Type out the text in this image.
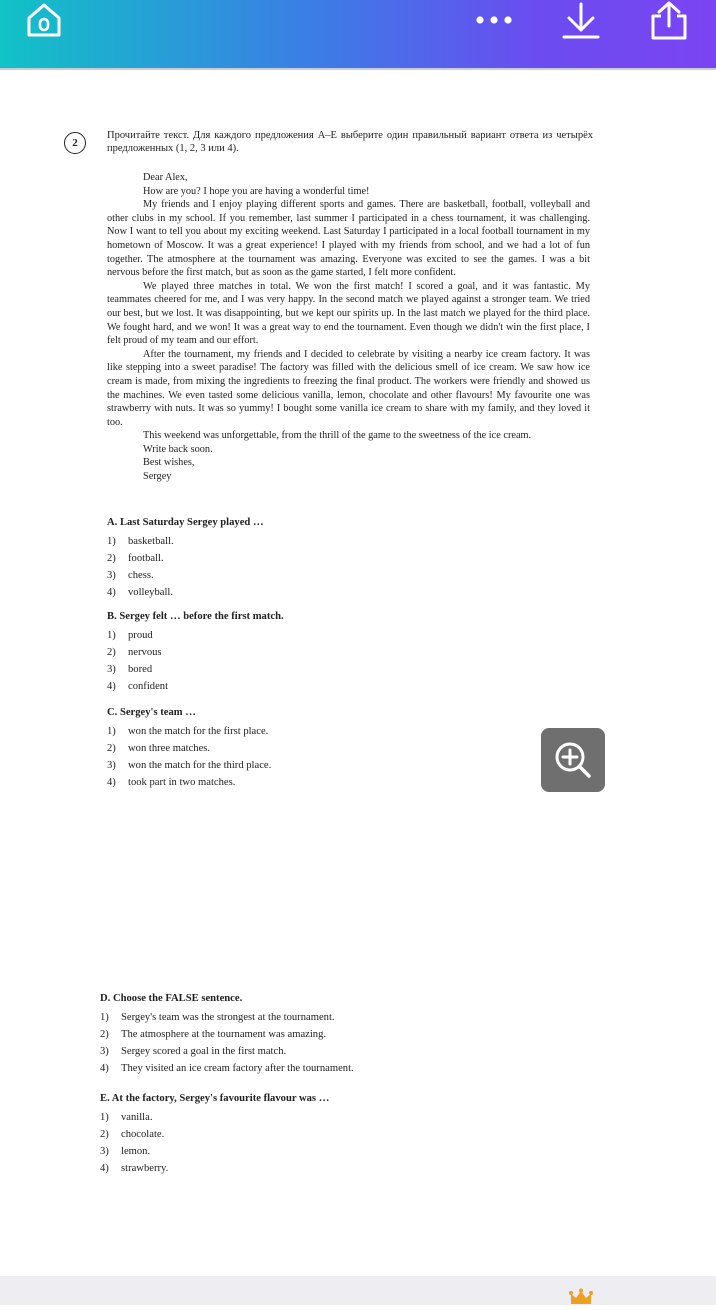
2
Прочитайте текст. Для каждого предложения A–E выберите один правильный вариант ответа из четырёх предложенных (1, 2, 3 или 4).

Dear Alex,

How are you? I hope you are having a wonderful time!

My friends and I enjoy playing different sports and games. There are basketball, football, volleyball and other clubs in my school. If you remember, last summer I participated in a chess tournament, it was challenging. Now I want to tell you about my exciting weekend. Last Saturday I participated in a local football tournament in my hometown of Moscow. It was a great experience! I played with my friends from school, and we had a lot of fun together. The atmosphere at the tournament was amazing. Everyone was excited to see the games. I was a bit nervous before the first match, but as soon as the game started, I felt more confident.

We played three matches in total. We won the first match! I scored a goal, and it was fantastic. My teammates cheered for me, and I was very happy. In the second match we played against a stronger team. We tried our best, but we lost. It was disappointing, but we kept our spirits up. In the last match we played for the third place. We fought hard, and we won! It was a great way to end the tournament. Even though we didn't win the first place, I felt proud of my team and our effort.

After the tournament, my friends and I decided to celebrate by visiting a nearby ice cream factory. It was like stepping into a sweet paradise! The factory was filled with the delicious smell of ice cream. We saw how ice cream is made, from mixing the ingredients to freezing the final product. The workers were friendly and showed us the machines. We even tasted some delicious vanilla, lemon, chocolate and other flavours! My favourite one was strawberry with nuts. It was so yummy! I bought some vanilla ice cream to share with my family, and they loved it too.

This weekend was unforgettable, from the thrill of the game to the sweetness of the ice cream.

Write back soon.

Best wishes,

Sergey

A. Last Saturday Sergey played …
1)	basketball.
2)	football.
3)	chess.
4)	volleyball.
B. Sergey felt … before the first match.
1)	proud
2)	nervous
3)	bored
4)	confident
C. Sergey's team …
1)	won the match for the first place.
2)	won three matches.
3)	won the match for the third place.
4)	took part in two matches.
D. Choose the FALSE sentence.
1)	Sergey's team was the strongest at the tournament.
2)	The atmosphere at the tournament was amazing.
3)	Sergey scored a goal in the first match.
4)	They visited an ice cream factory after the tournament.
E. At the factory, Sergey's favourite flavour was …
1)	vanilla.
2)	chocolate.
3)	lemon.
4)	strawberry.
